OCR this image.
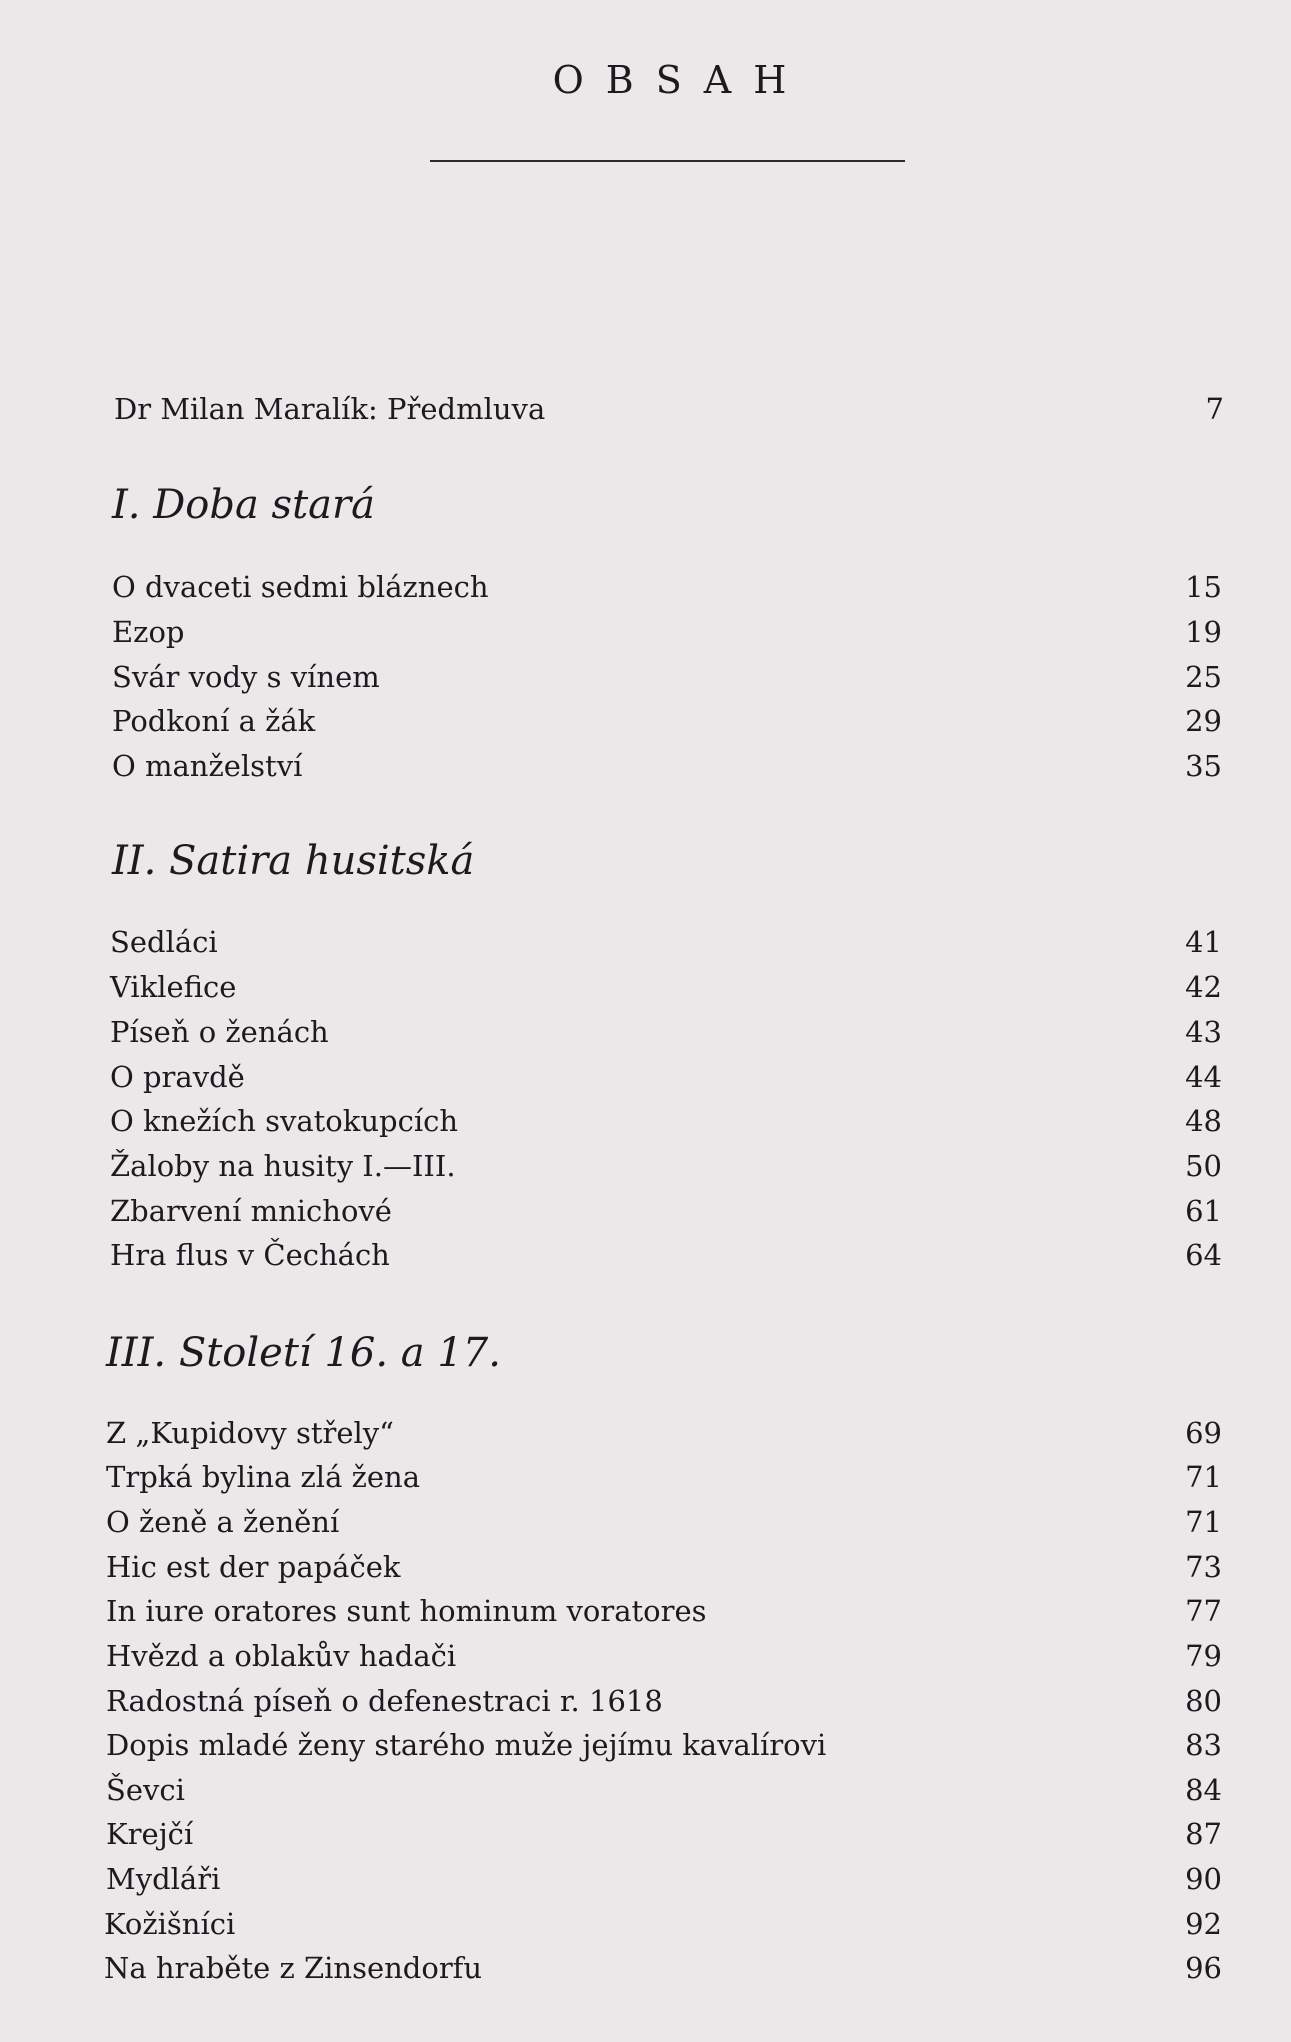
OBSAH
Dr Milan Maralík: Předmluva	7
I. Doba stará
O dvaceti sedmi bláznech	15
Ezop	19
Svár vody s vínem	25
Podkoní a žák	29
O manželství	35
II. Satira husitská
Sedláci	41
Viklefice	42
Píseň o ženách	43
O pravdě	44
O knežích svatokupcích	48
Žaloby na husity I.—III.	50
Zbarvení mnichové	61
Hra flus v Čechách	64
III. Století 16. a 17.
Z „Kupidovy střely“	69
Trpká bylina zlá žena	71
O ženě a ženění	71
Hic est der papáček	73
In iure oratores sunt hominum voratores	77
Hvězd a oblakův hadači	79
Radostná píseň o defenestraci r. 1618	80
Dopis mladé ženy starého muže jejímu kavalírovi	83
Ševci	84
Krejčí	87
Mydláři	90
Kožišníci	92
Na hraběte z Zinsendorfu	96
